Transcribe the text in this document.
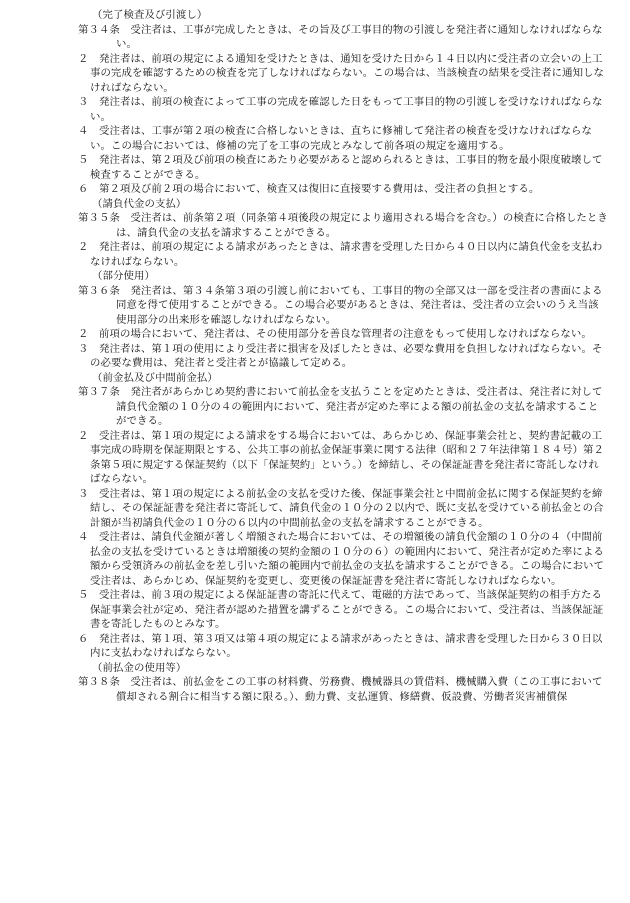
（完了検査及び引渡し）

第３４条　受注者は、工事が完成したときは、その旨及び工事目的物の引渡しを発注者に通知しなければならない。

２　発注者は、前項の規定による通知を受けたときは、通知を受けた日から１４日以内に受注者の立会いの上工事の完成を確認するための検査を完了しなければならない。この場合は、当該検査の結果を受注者に通知しなければならない。

３　発注者は、前項の検査によって工事の完成を確認した日をもって工事目的物の引渡しを受けなければならない。

４　受注者は、工事が第２項の検査に合格しないときは、直ちに修補して発注者の検査を受けなければならない。この場合においては、修補の完了を工事の完成とみなして前各項の規定を適用する。

５　発注者は、第２項及び前項の検査にあたり必要があると認められるときは、工事目的物を最小限度破壊して検査することができる。

６　第２項及び前２項の場合において、検査又は復旧に直接要する費用は、受注者の負担とする。

（請負代金の支払）

第３５条　受注者は、前条第２項（同条第４項後段の規定により適用される場合を含む。）の検査に合格したときは、請負代金の支払を請求することができる。

２　発注者は、前項の規定による請求があったときは、請求書を受理した日から４０日以内に請負代金を支払わなければならない。

（部分使用）

第３６条　発注者は、第３４条第３項の引渡し前においても、工事目的物の全部又は一部を受注者の書面による同意を得て使用することができる。この場合必要があるときは、発注者は、受注者の立会いのうえ当該使用部分の出来形を確認しなければならない。

２　前項の場合において、発注者は、その使用部分を善良な管理者の注意をもって使用しなければならない。

３　発注者は、第１項の使用により受注者に損害を及ぼしたときは、必要な費用を負担しなければならない。その必要な費用は、発注者と受注者とが協議して定める。

（前金払及び中間前金払）

第３７条　発注者があらかじめ契約書において前払金を支払うことを定めたときは、受注者は、発注者に対して請負代金額の１０分の４の範囲内において、発注者が定めた率による額の前払金の支払を請求することができる。

２　受注者は、第１項の規定による請求をする場合においては、あらかじめ、保証事業会社と、契約書記載の工事完成の時期を保証期限とする、公共工事の前払金保証事業に関する法律（昭和２７年法律第１８４号）第２条第５項に規定する保証契約（以下「保証契約」という。）を締結し、その保証証書を発注者に寄託しなければならない。

３　受注者は、第１項の規定による前払金の支払を受けた後、保証事業会社と中間前金払に関する保証契約を締結し、その保証証書を発注者に寄託して、請負代金の１０分の２以内で、既に支払を受けている前払金との合計額が当初請負代金の１０分の６以内の中間前払金の支払を請求することができる。

４　受注者は、請負代金額が著しく増額された場合においては、その増額後の請負代金額の１０分の４（中間前払金の支払を受けているときは増額後の契約金額の１０分の６）の範囲内において、発注者が定めた率による額から受領済みの前払金を差し引いた額の範囲内で前払金の支払を請求することができる。この場合において受注者は、あらかじめ、保証契約を変更し、変更後の保証証書を発注者に寄託しなければならない。

５　受注者は、前３項の規定による保証証書の寄託に代えて、電磁的方法であって、当該保証契約の相手方たる保証事業会社が定め、発注者が認めた措置を講ずることができる。この場合において、受注者は、当該保証証書を寄託したものとみなす。

６　発注者は、第１項、第３項又は第４項の規定による請求があったときは、請求書を受理した日から３０日以内に支払わなければならない。

（前払金の使用等）

第３８条　受注者は、前払金をこの工事の材料費、労務費、機械器具の賃借料、機械購入費（この工事において償却される割合に相当する額に限る。）、動力費、支払運賃、修繕費、仮設費、労働者災害補償保
